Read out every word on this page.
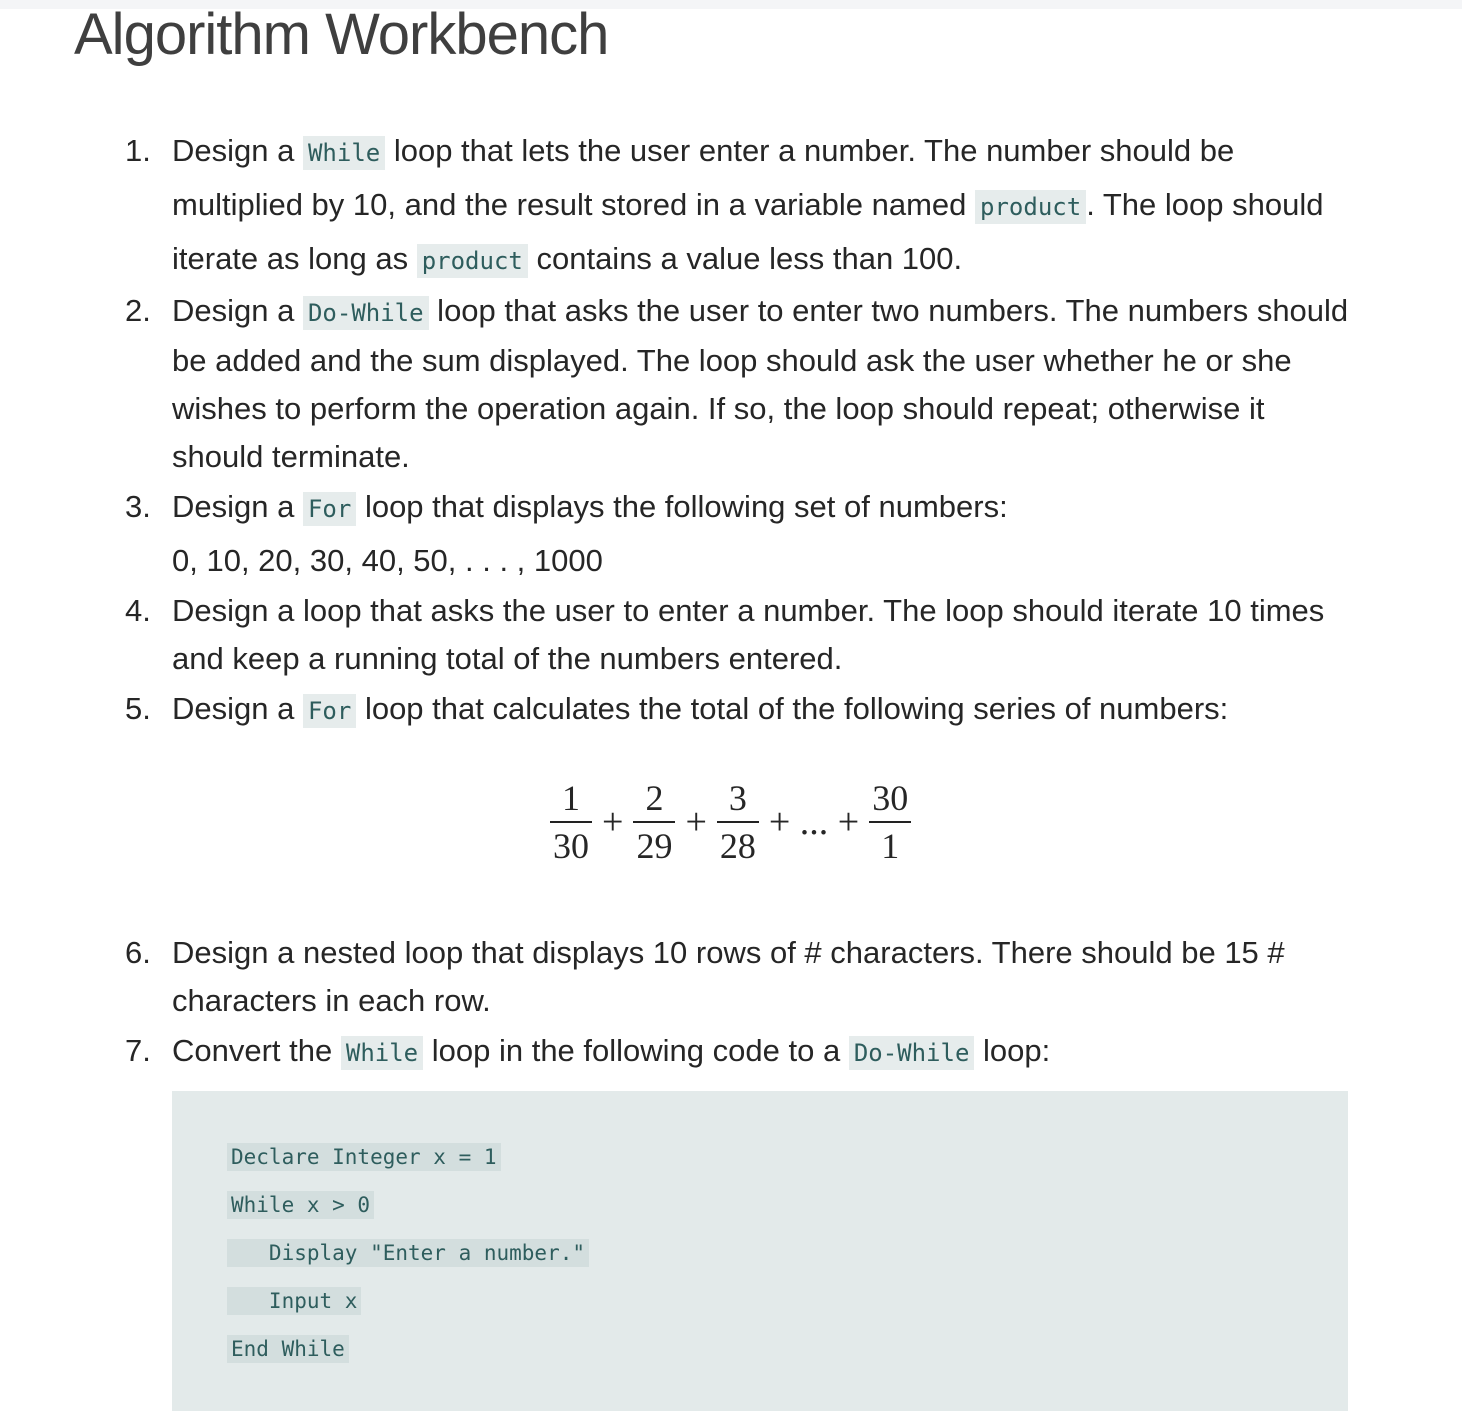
Algorithm Workbench
1. Design a While loop that lets the user enter a number. The number should be multiplied by 10, and the result stored in a variable named product . The loop should iterate as long as product contains a value less than 100.
2. Design a Do-While loop that asks the user to enter two numbers. The numbers should be added and the sum displayed. The loop should ask the user whether he or she wishes to perform the operation again. If so, the loop should repeat; otherwise it should terminate.
3. Design a For loop that displays the following set of numbers:
0, 10, 20, 30, 40, 50, . . . , 1000
4. Design a loop that asks the user to enter a number. The loop should iterate 10 times and keep a running total of the numbers entered.
5. Design a For loop that calculates the total of the following series of numbers:
$\frac{1}{30} + \frac{2}{29} + \frac{3}{28}$ + ... + $\frac{30}{1}$
6. Design a nested loop that displays 10 rows of # characters. There should be 15 # characters in each row.
7. Convert the While loop in the following code to a Do-While loop:
Declare Integer x = 1
While x > 0
Display "Enter a number."
Input x
End While
